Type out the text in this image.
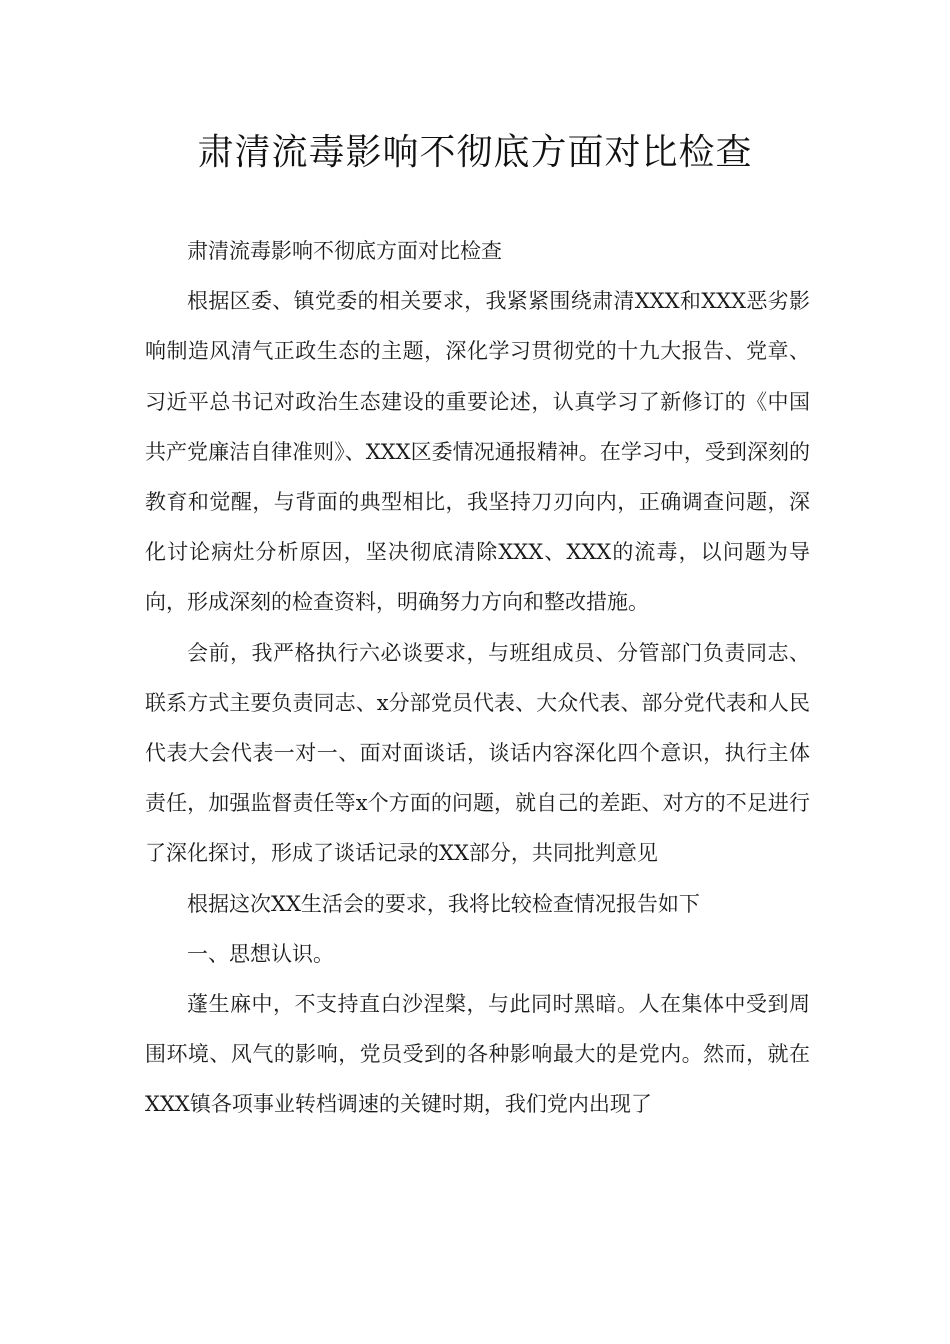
肃清流毒影响不彻底方面对比检查

肃清流毒影响不彻底方面对比检查

根据区委、镇党委的相关要求，我紧紧围绕肃清XXX和XXX恶劣影响制造风清气正政生态的主题，深化学习贯彻党的十九大报告、党章、习近平总书记对政治生态建设的重要论述，认真学习了新修订的《中国共产党廉洁自律准则》、XXX区委情况通报精神。在学习中，受到深刻的教育和觉醒，与背面的典型相比，我坚持刀刃向内，正确调查问题，深化讨论病灶分析原因，坚决彻底清除XXX、XXX的流毒，以问题为导向，形成深刻的检查资料，明确努力方向和整改措施。

会前，我严格执行六必谈要求，与班组成员、分管部门负责同志、联系方式主要负责同志、x分部党员代表、大众代表、部分党代表和人民代表大会代表一对一、面对面谈话，谈话内容深化四个意识，执行主体责任，加强监督责任等x个方面的问题，就自己的差距、对方的不足进行了深化探讨，形成了谈话记录的XX部分，共同批判意见

根据这次XX生活会的要求，我将比较检查情况报告如下

一、思想认识。

蓬生麻中，不支持直白沙涅槃，与此同时黑暗。人在集体中受到周围环境、风气的影响，党员受到的各种影响最大的是党内。然而，就在XXX镇各项事业转档调速的关键时期，我们党内出现了
